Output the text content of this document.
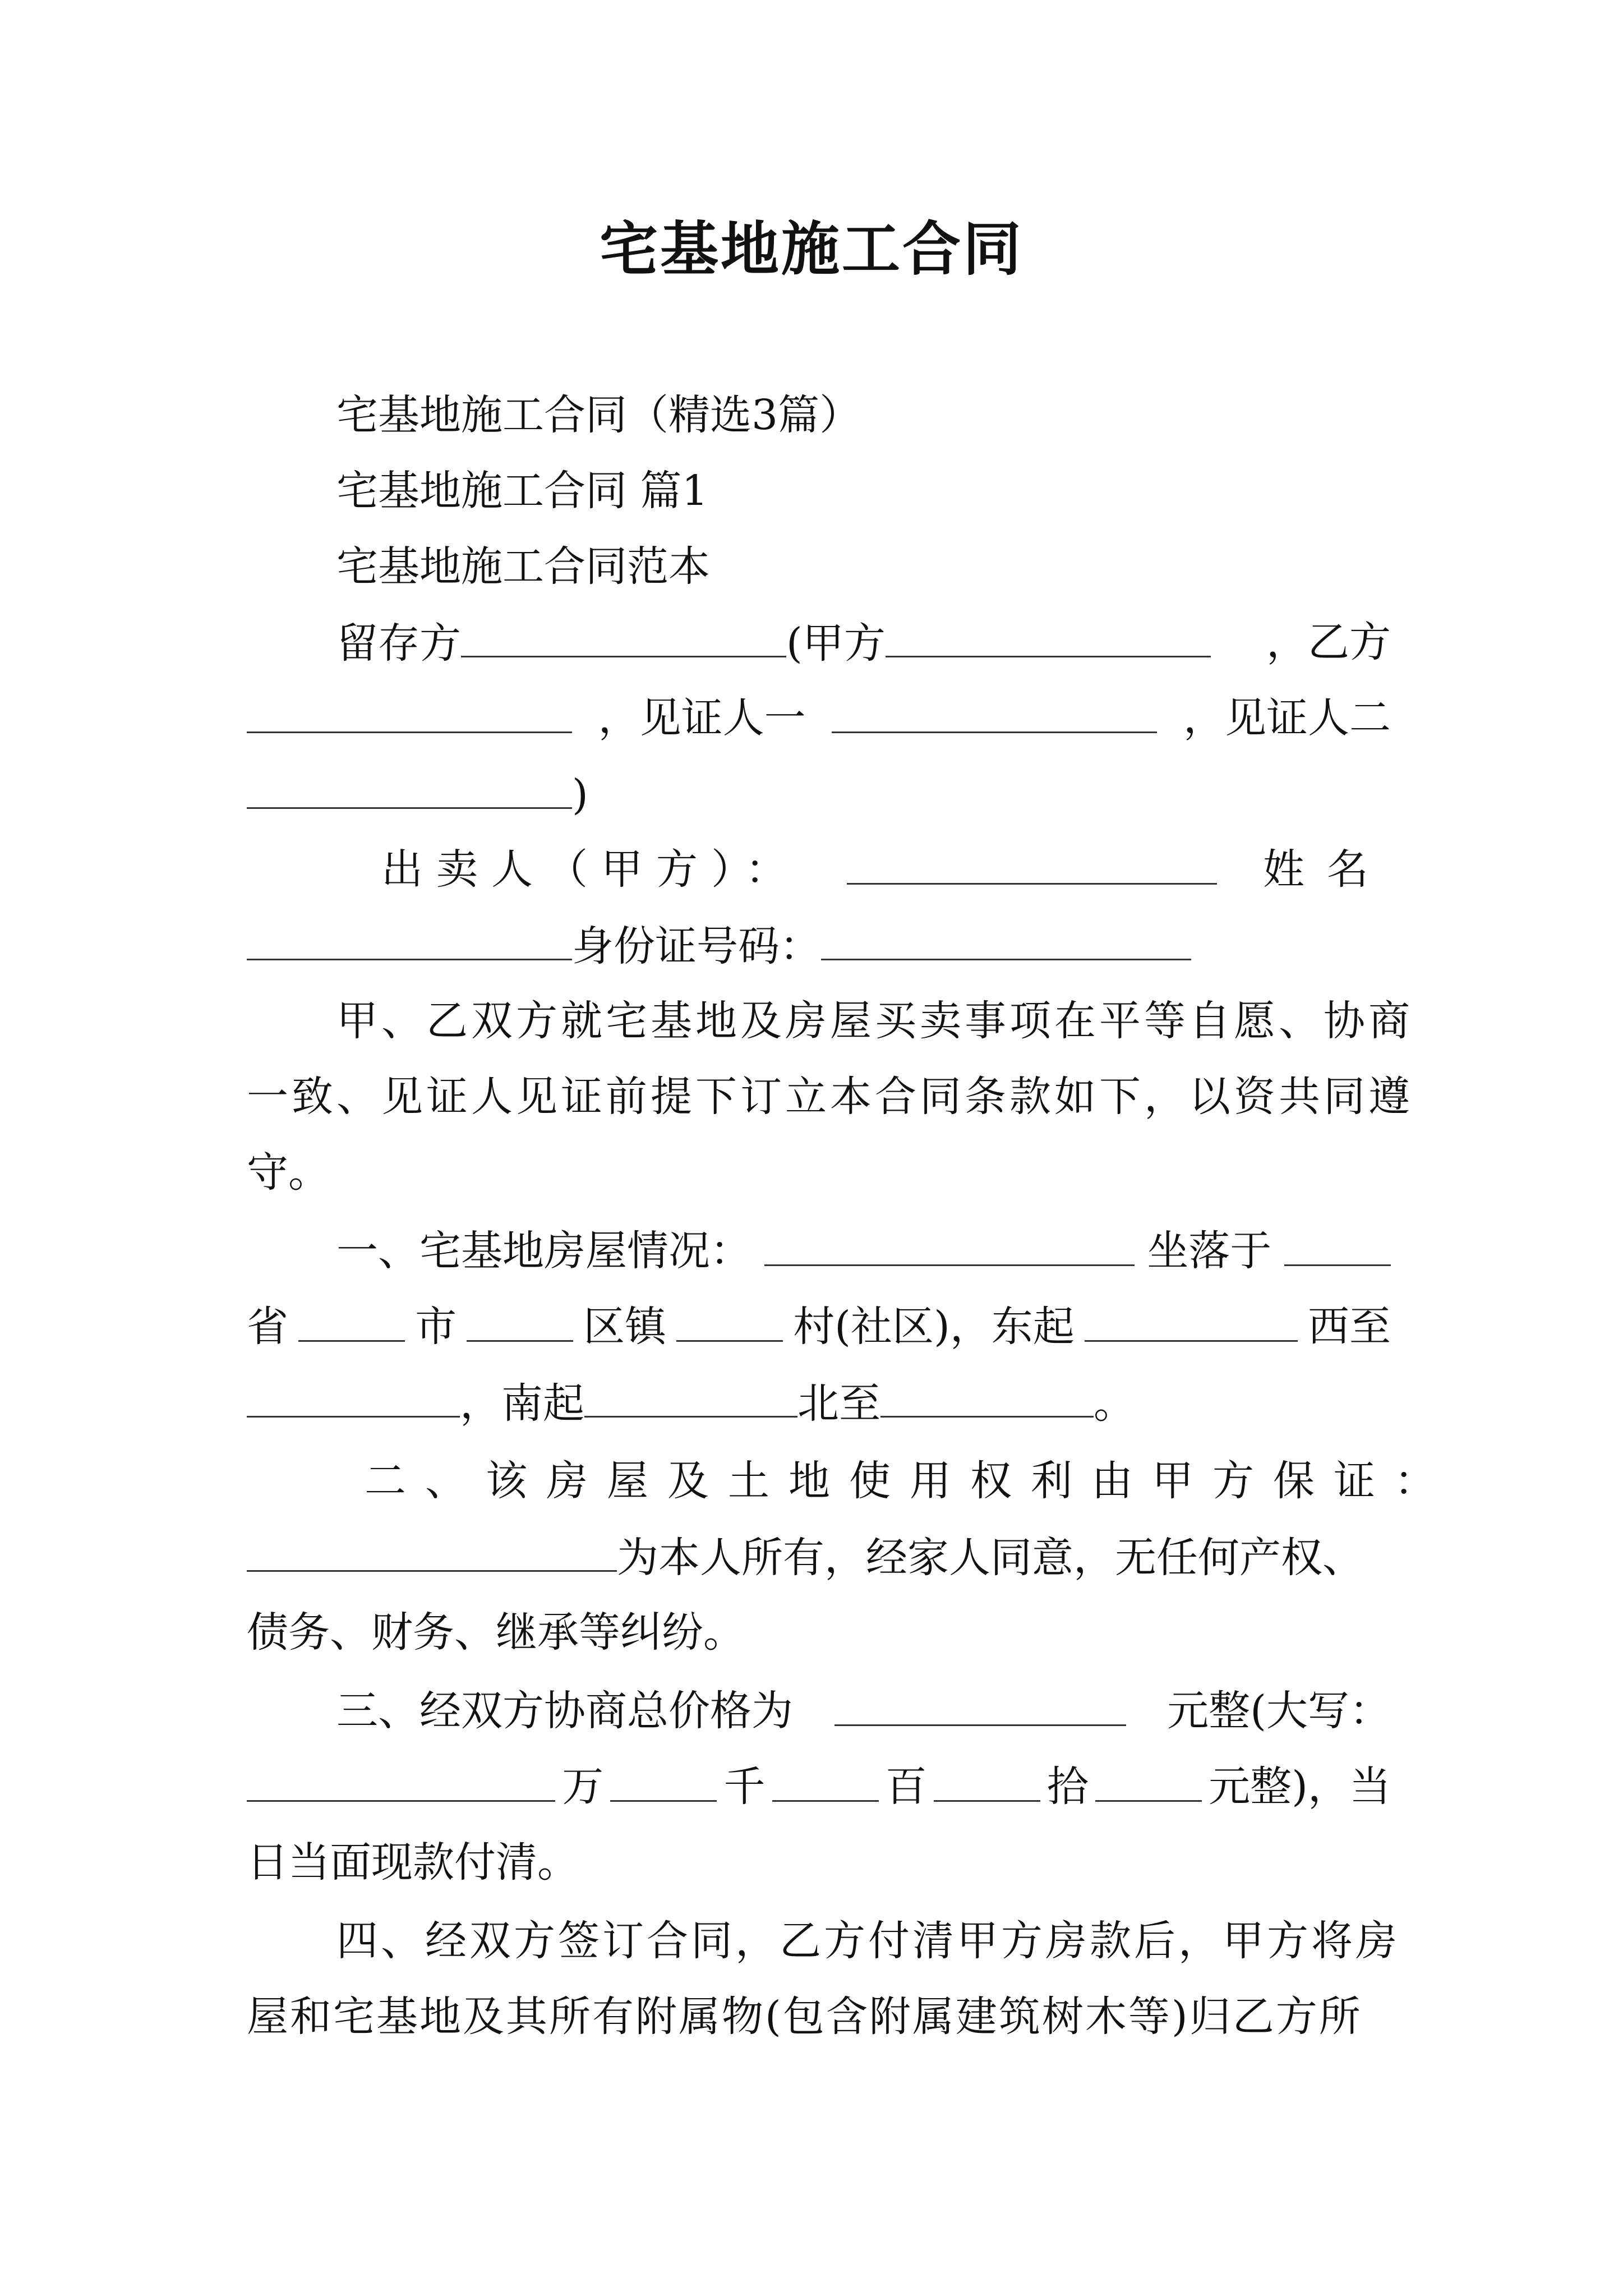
宅基地施工合同

宅基地施工合同（精选3篇）

宅基地施工合同 篇1

宅基地施工合同范本

留存方	(甲方	，乙方

，见证人一	，见证人二

)

出卖人（甲方）：	姓名

身份证号码：

甲、乙双方就宅基地及房屋买卖事项在平等自愿、协商

一致、见证人见证前提下订立本合同条款如下，以资共同遵

守。

一、宅基地房屋情况：	坐落于

省	市	区镇	村(社区)，东起	西至

，南起	北至	。

二、该房屋及土地使用权利由甲方保证：

为本人所有，经家人同意，无任何产权、

债务、财务、继承等纠纷。

三、经双方协商总价格为	元整(大写：

万	千	百	拾	元整)，当

日当面现款付清。

四、经双方签订合同，乙方付清甲方房款后，甲方将房

屋和宅基地及其所有附属物(包含附属建筑树木等)归乙方所
